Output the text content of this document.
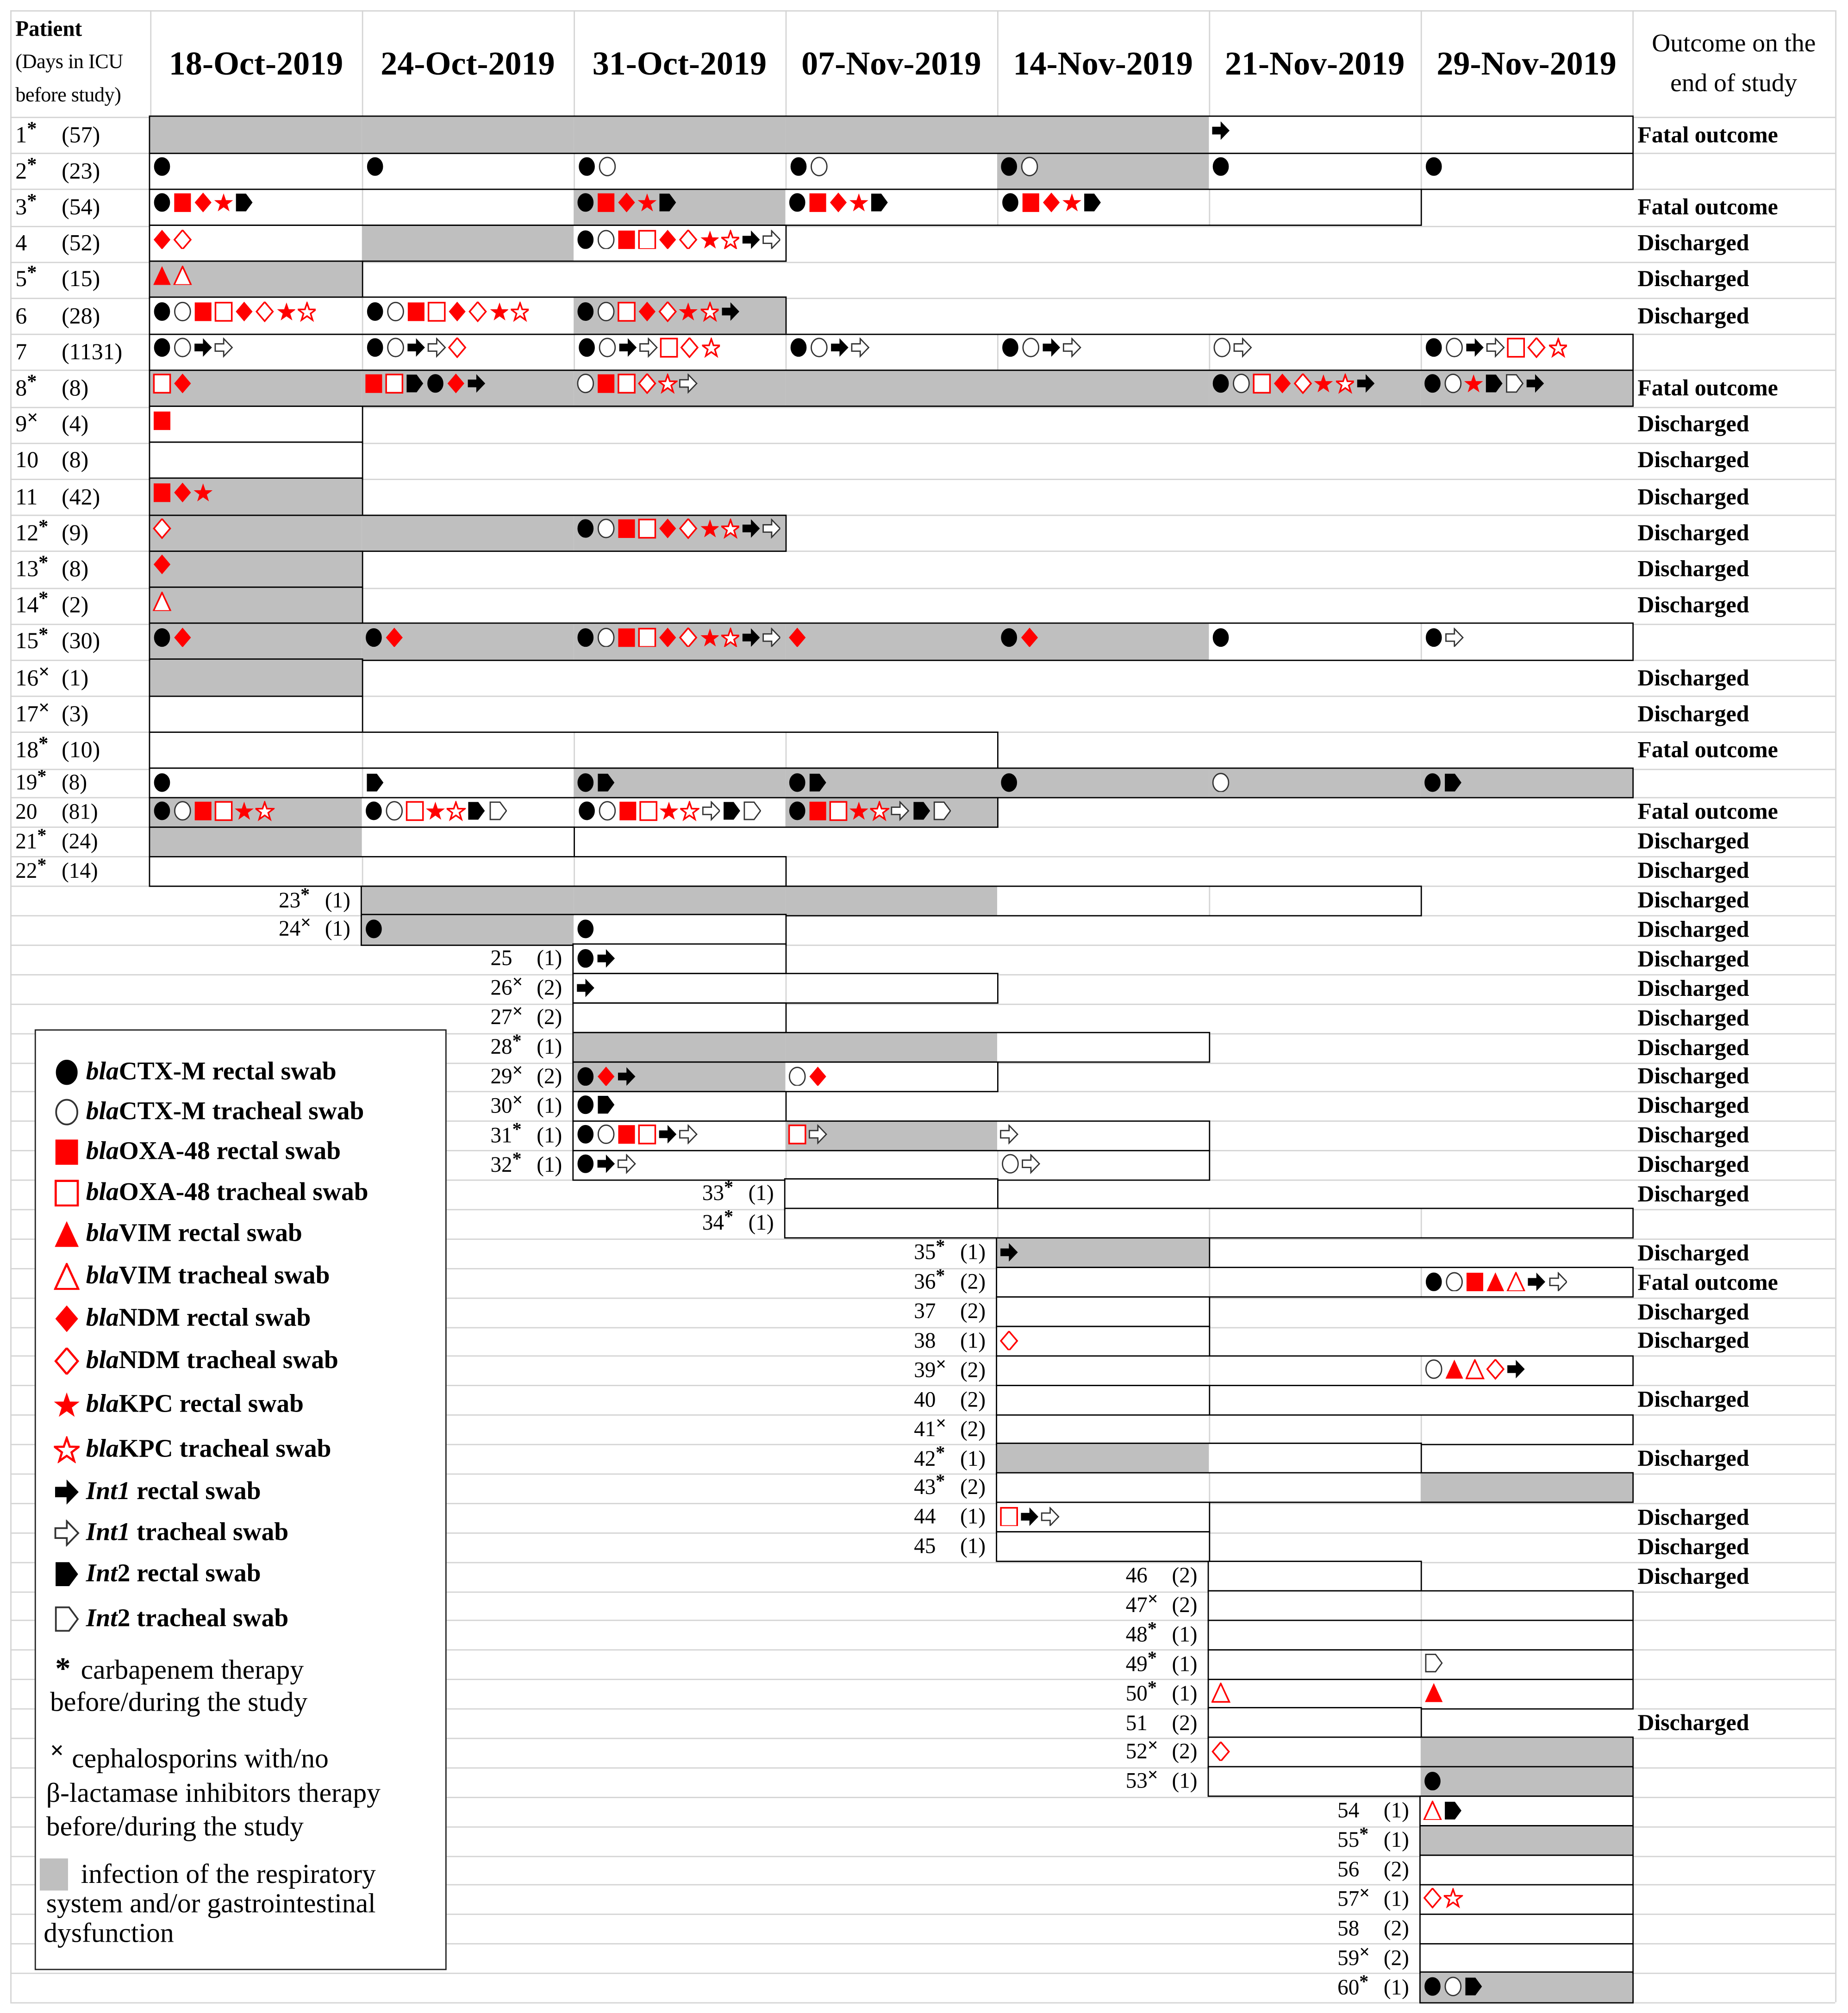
Patient
(Days in ICU
before study)
18-Oct-2019	24-Oct-2019	31-Oct-2019	07-Nov-2019	14-Nov-2019	21-Nov-2019	29-Nov-2019
Outcome on the
end of study
1*	(57)	Fatal outcome
2*	(23)
3*	(54)	Fatal outcome
4	(52)	Discharged
5*	(15)	Discharged
6	(28)	Discharged
7	(1131)
8*	(8)	Fatal outcome
9×	(4)	Discharged
10	(8)	Discharged
11	(42)	Discharged
12*	(9)	Discharged
13*	(8)	Discharged
14*	(2)	Discharged
15*	(30)
16×	(1)	Discharged
17×	(3)	Discharged
18*	(10)	Fatal outcome
19*	(8)
20	(81)	Fatal outcome
21*	(24)	Discharged
22*	(14)	Discharged
23*	(1)	Discharged
24×	(1)	Discharged
25	(1)	Discharged
26×	(2)	Discharged
27×	(2)	Discharged
28*	(1)	Discharged
29×	(2)	Discharged
30×	(1)	Discharged
31*	(1)	Discharged
32*	(1)	Discharged
33*	(1)	Discharged
34*	(1)
35*	(1)	Discharged
36*	(2)	Fatal outcome
37	(2)	Discharged
38	(1)	Discharged
39×	(2)
40	(2)	Discharged
41×	(2)
42*	(1)	Discharged
43*	(2)
44	(1)	Discharged
45	(1)	Discharged
46	(2)	Discharged
47×	(2)
48*	(1)
49*	(1)
50*	(1)
51	(2)	Discharged
52×	(2)
53×	(1)
54	(1)
55*	(1)
56	(2)
57×	(1)
58	(2)
59×	(2)
60*	(1)
blaCTX-M rectal swab
blaCTX-M tracheal swab
blaOXA-48 rectal swab
blaOXA-48 tracheal swab
blaVIM rectal swab
blaVIM tracheal swab
blaNDM rectal swab
blaNDM tracheal swab
blaKPC rectal swab
blaKPC tracheal swab
Int1 rectal swab
Int1 tracheal swab
Int2 rectal swab
Int2 tracheal swab
* carbapenem therapy
before/during the study
× cephalosporins with/no
β-lactamase inhibitors therapy
before/during the study
infection of the respiratory
system and/or gastrointestinal
dysfunction
